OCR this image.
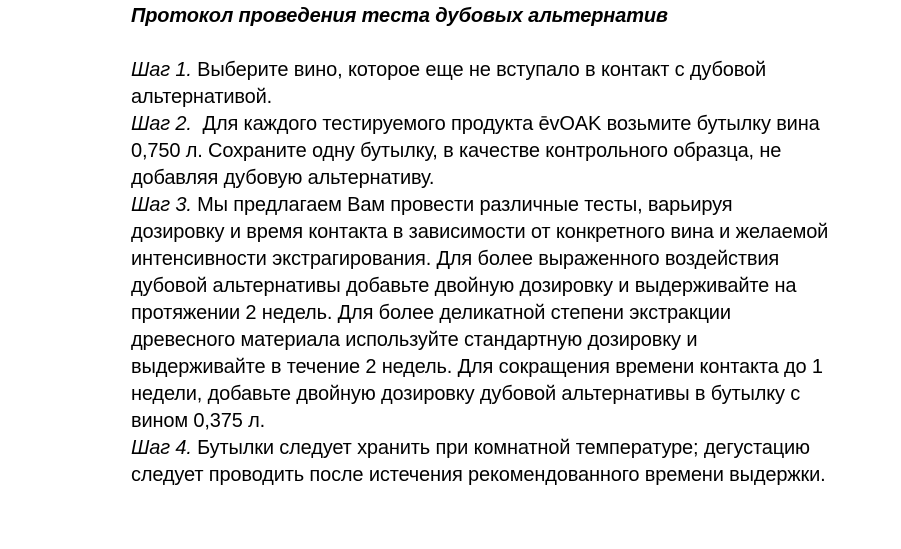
Протокол проведения теста дубовых альтернатив

Шаг 1. Выберите вино, которое еще не вступало в контакт с дубовой альтернативой.

Шаг 2.  Для каждого тестируемого продукта ēvOAK возьмите бутылку вина 0,750 л. Сохраните одну бутылку, в качестве контрольного образца, не добавляя дубовую альтернативу.

Шаг 3. Мы предлагаем Вам провести различные тесты, варьируя дозировку и время контакта в зависимости от конкретного вина и желаемой интенсивности экстрагирования. Для более выраженного воздействия дубовой альтернативы добавьте двойную дозировку и выдерживайте на протяжении 2 недель. Для более деликатной степени экстракции древесного материала используйте стандартную дозировку и выдерживайте в течение 2 недель. Для сокращения времени контакта до 1 недели, добавьте двойную дозировку дубовой альтернативы в бутылку с вином 0,375 л.

Шаг 4. Бутылки следует хранить при комнатной температуре; дегустацию следует проводить после истечения рекомендованного времени выдержки.
